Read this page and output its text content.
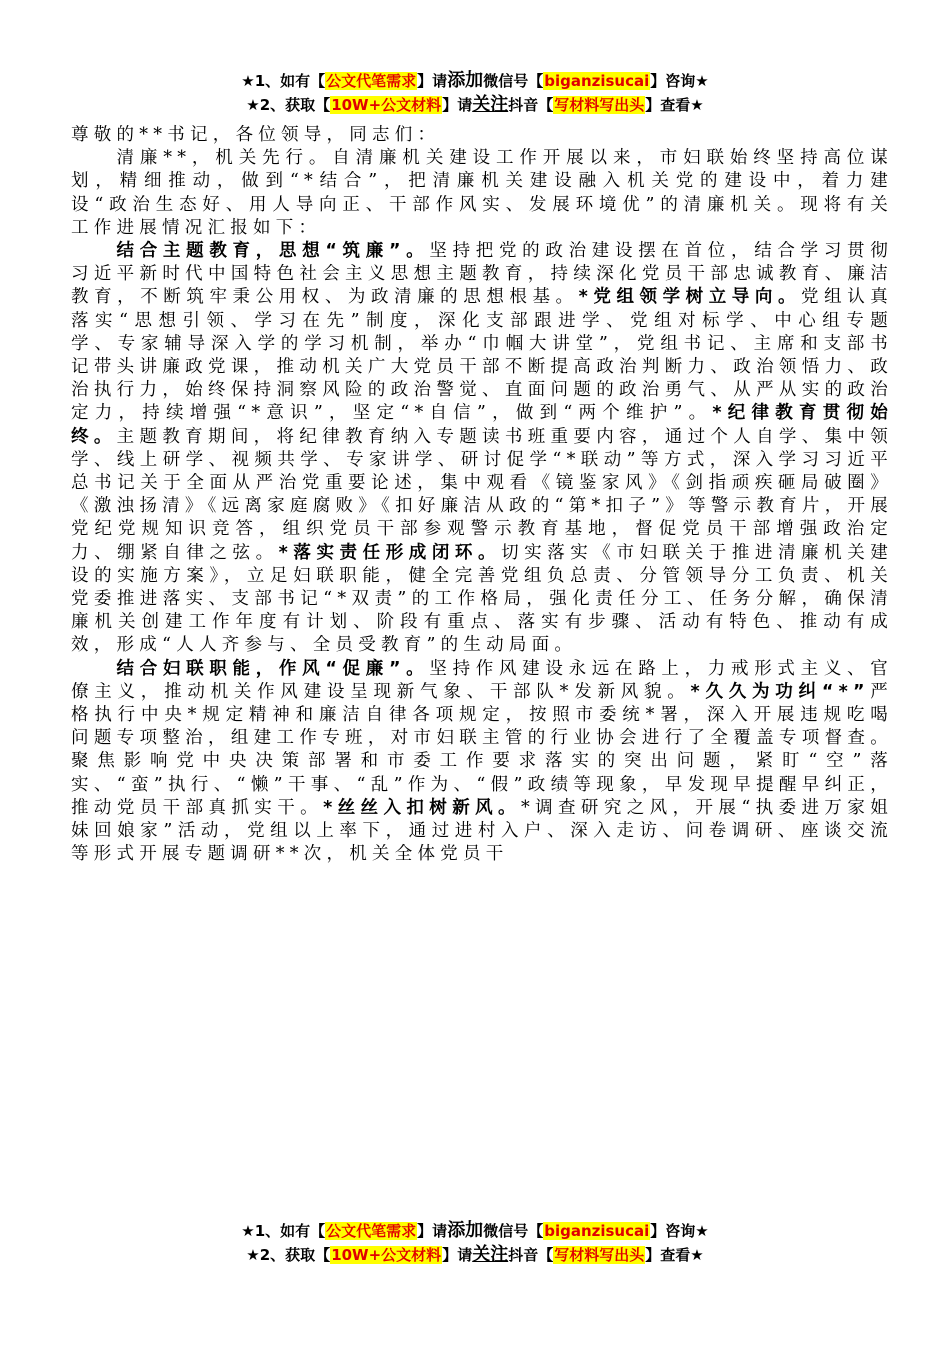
★1、如有【公文代笔需求】请添加微信号【biganzisucai】咨询★
★2、获取【10W+公文材料】请关注抖音【写材料写出头】查看★

尊敬的**书记，各位领导，同志们：

清廉**，机关先行。自清廉机关建设工作开展以来，市妇联始终坚持高位谋划，精细推动，做到“*结合”，把清廉机关建设融入机关党的建设中，着力建设“政治生态好、用人导向正、干部作风实、发展环境优”的清廉机关。现将有关工作进展情况汇报如下：

结合主题教育，思想“筑廉”。坚持把党的政治建设摆在首位，结合学习贯彻习近平新时代中国特色社会主义思想主题教育，持续深化党员干部忠诚教育、廉洁教育，不断筑牢秉公用权、为政清廉的思想根基。*党组领学树立导向。党组认真落实“思想引领、学习在先”制度，深化支部跟进学、党组对标学、中心组专题学、专家辅导深入学的学习机制，举办“巾帼大讲堂”，党组书记、主席和支部书记带头讲廉政党课，推动机关广大党员干部不断提高政治判断力、政治领悟力、政治执行力，始终保持洞察风险的政治警觉、直面问题的政治勇气、从严从实的政治定力，持续增强“*意识”，坚定“*自信”，做到“两个维护”。*纪律教育贯彻始终。主题教育期间，将纪律教育纳入专题读书班重要内容，通过个人自学、集中领学、线上研学、视频共学、专家讲学、研讨促学“*联动”等方式，深入学习习近平总书记关于全面从严治党重要论述，集中观看《镜鉴家风》《剑指顽疾砸局破圈》《激浊扬清》《远离家庭腐败》《扣好廉洁从政的“第*扣子”》等警示教育片，开展党纪党规知识竞答，组织党员干部参观警示教育基地，督促党员干部增强政治定力、绷紧自律之弦。*落实责任形成闭环。切实落实《市妇联关于推进清廉机关建设的实施方案》，立足妇联职能，健全完善党组负总责、分管领导分工负责、机关党委推进落实、支部书记“*双责”的工作格局，强化责任分工、任务分解，确保清廉机关创建工作年度有计划、阶段有重点、落实有步骤、活动有特色、推动有成效，形成“人人齐参与、全员受教育”的生动局面。

结合妇联职能，作风“促廉”。坚持作风建设永远在路上，力戒形式主义、官僚主义，推动机关作风建设呈现新气象、干部队*发新风貌。*久久为功纠“*”严格执行中央*规定精神和廉洁自律各项规定，按照市委统*署，深入开展违规吃喝问题专项整治，组建工作专班，对市妇联主管的行业协会进行了全覆盖专项督查。聚焦影响党中央决策部署和市委工作要求落实的突出问题，紧盯“空”落实、“蛮”执行、“懒”干事、“乱”作为、“假”政绩等现象，早发现早提醒早纠正，推动党员干部真抓实干。*丝丝入扣树新风。*调查研究之风，开展“执委进万家姐妹回娘家”活动，党组以上率下，通过进村入户、深入走访、问卷调研、座谈交流等形式开展专题调研**次，机关全体党员干

★1、如有【公文代笔需求】请添加微信号【biganzisucai】咨询★
★2、获取【10W+公文材料】请关注抖音【写材料写出头】查看★
